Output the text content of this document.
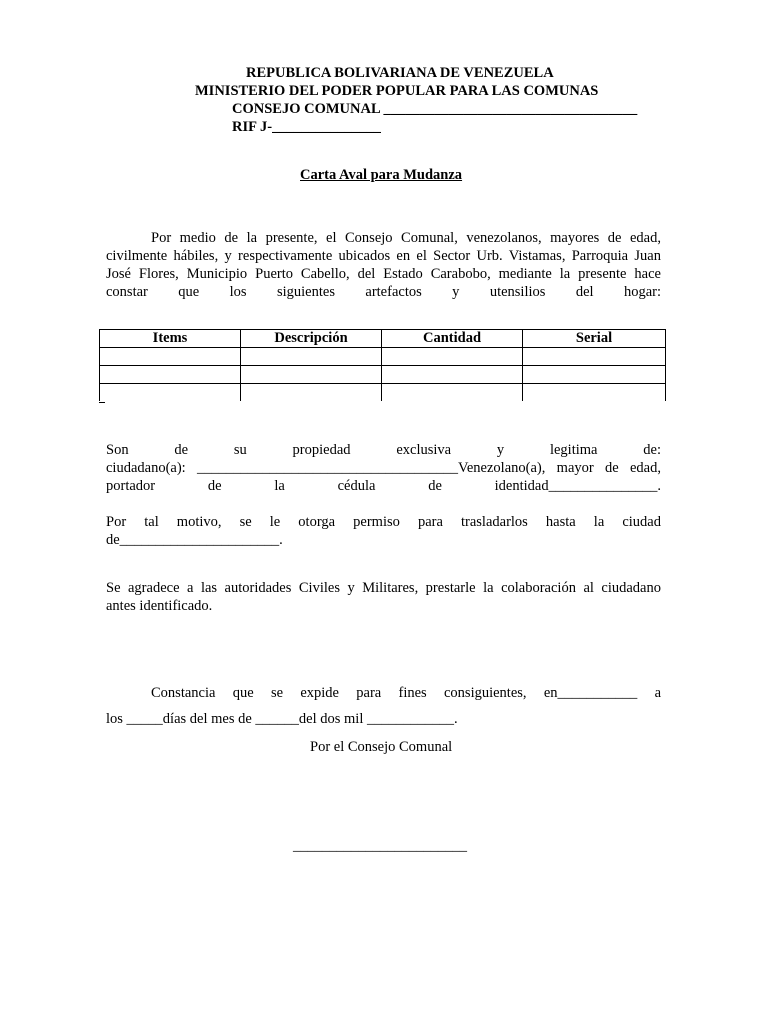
REPUBLICA BOLIVARIANA DE VENEZUELA
MINISTERIO DEL PODER POPULAR PARA LAS COMUNAS
CONSEJO COMUNAL ___________________________________
RIF J-_______________
Carta Aval para Mudanza
Por medio de la presente, el Consejo Comunal, venezolanos, mayores de edad,
civilmente hábiles, y respectivamente ubicados en el Sector Urb. Vistamas, Parroquia Juan
José Flores, Municipio Puerto Cabello, del Estado Carabobo, mediante la presente hace
constar que los siguientes artefactos y utensilios del hogar:
Items	Descripción	Cantidad	Serial

Son de su propiedad exclusiva y legitima de:
ciudadano(a): ____________________________________Venezolano(a), mayor de edad,
portador de la cédula de identidad_______________.
Por tal motivo, se le otorga permiso para trasladarlos hasta la ciudad
de______________________.
Se agradece a las autoridades Civiles y Militares, prestarle la colaboración al ciudadano
antes identificado.
Constancia que se expide para fines consiguientes, en___________ a
los _____días del mes de ______del dos mil ____________.
Por el Consejo Comunal
________________________
